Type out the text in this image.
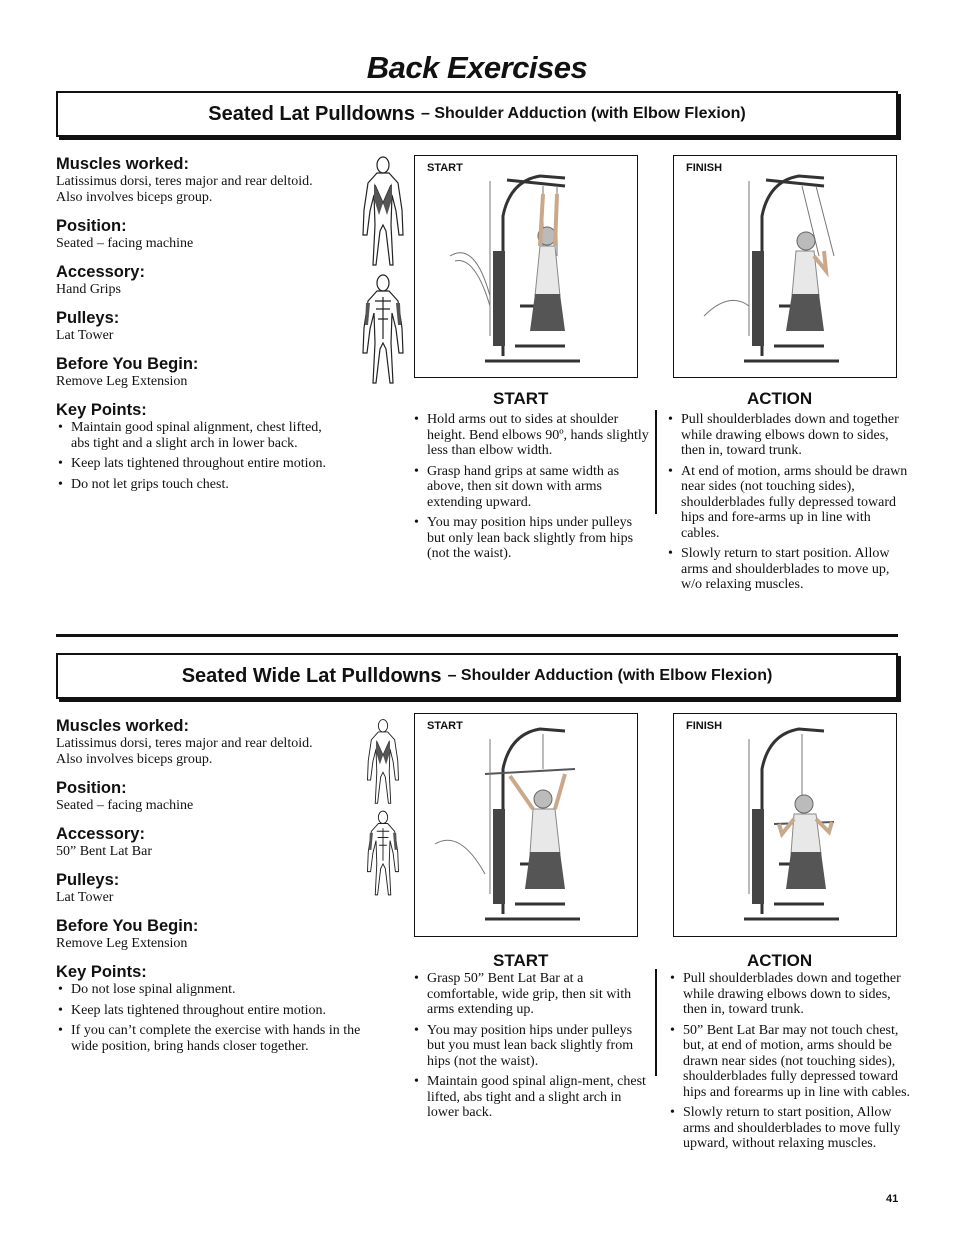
Back Exercises
Seated Lat Pulldowns – Shoulder Adduction (with Elbow Flexion)

Muscles worked:

Latissimus dorsi, teres major and rear deltoid. Also involves biceps group.

Position:

Seated – facing machine

Accessory:

Hand Grips

Pulleys:

Lat Tower

Before You Begin:

Remove Leg Extension

Key Points:

• Maintain good spinal alignment, chest lifted, abs tight and a slight arch in lower back.
• Keep lats tightened throughout entire motion.
• Do not let grips touch chest.
START	FINISH
START
• Hold arms out to sides at shoulder height. Bend elbows 90º, hands slightly less than elbow width.
• Grasp hand grips at same width as above, then sit down with arms extending upward.
• You may position hips under pulleys but only lean back slightly from hips (not the waist).
ACTION
• Pull shoulderblades down and together while drawing elbows down to sides, then in, toward trunk.
• At end of motion, arms should be drawn near sides (not touching sides), shoulderblades fully depressed toward hips and fore-arms up in line with cables.
• Slowly return to start position. Allow arms and shoulderblades to move up, w/o relaxing muscles.
Seated Wide Lat Pulldowns – Shoulder Adduction (with Elbow Flexion)

Muscles worked:

Latissimus dorsi, teres major and rear deltoid. Also involves biceps group.

Position:

Seated – facing machine

Accessory:

50” Bent Lat Bar

Pulleys:

Lat Tower

Before You Begin:

Remove Leg Extension

Key Points:

• Do not lose spinal alignment.
• Keep lats tightened throughout entire motion.
• If you can’t complete the exercise with hands in the wide position, bring hands closer together.
START	FINISH
START
• Grasp 50” Bent Lat Bar at a comfortable, wide grip, then sit with arms extending up.
• You may position hips under pulleys but you must lean back slightly from hips (not the waist).
• Maintain good spinal align-ment, chest lifted, abs tight and a slight arch in lower back.
ACTION
• Pull shoulderblades down and together while drawing elbows down to sides, then in, toward trunk.
• 50” Bent Lat Bar may not touch chest, but, at end of motion, arms should be drawn near sides (not touching sides), shoulderblades fully depressed toward hips and forearms up in line with cables.
• Slowly return to start position, Allow arms and shoulderblades to move fully upward, without relaxing muscles.
41
